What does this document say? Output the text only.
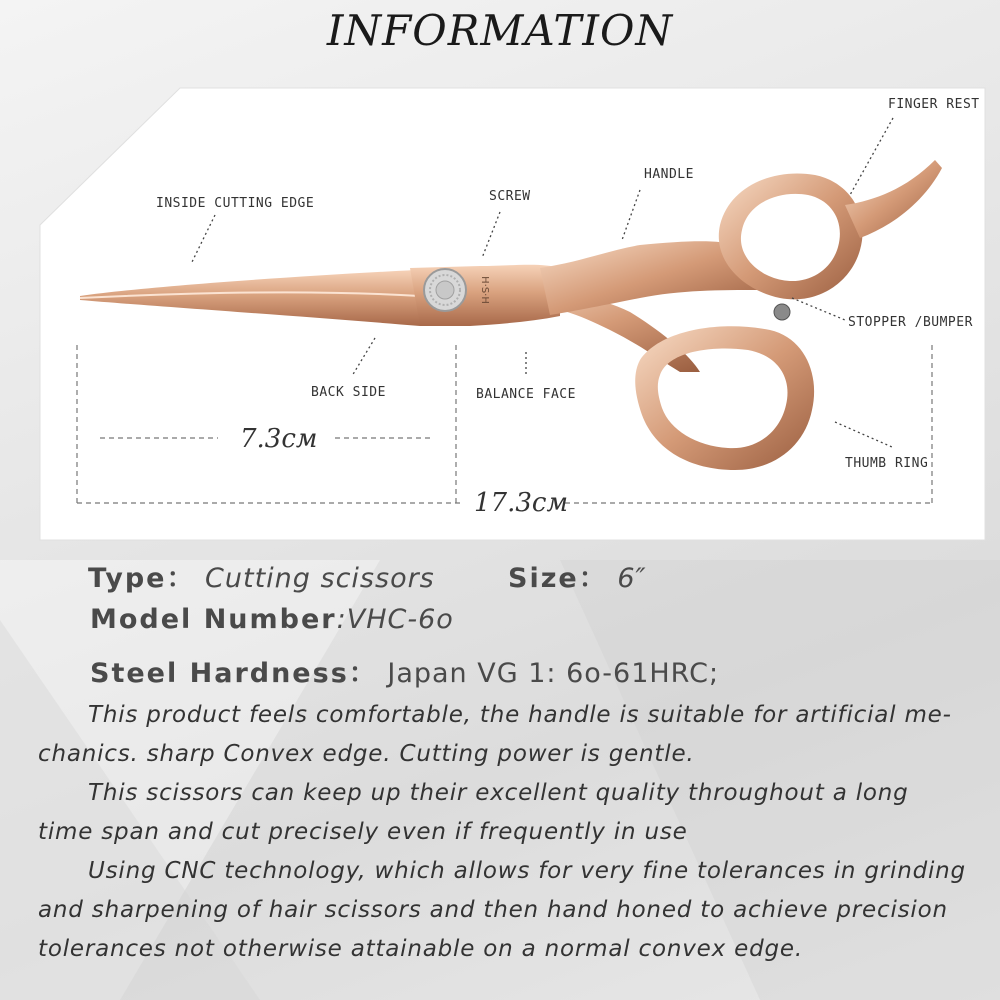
INFORMATION
H·S·H
FINGER REST
HANDLE
SCREW
INSIDE CUTTING EDGE
STOPPER /BUMPER
BACK SIDE	BALANCE FACE
THUMB RING
7.3cм
17.3cм
Type： Cutting scissors	Size： 6″
Model Number:VHC-6o
Steel Hardness： Japan VG 1: 6o-61HRC;

This product feels comfortable, the handle is suitable for artificial me-chanics. sharp Convex edge. Cutting power is gentle.

This scissors can keep up their excellent quality throughout a long time span and cut precisely even if frequently in use

Using CNC technology, which allows for very fine tolerances in grinding and sharpening of hair scissors and then hand honed to achieve precision tolerances not otherwise attainable on a normal convex edge.
